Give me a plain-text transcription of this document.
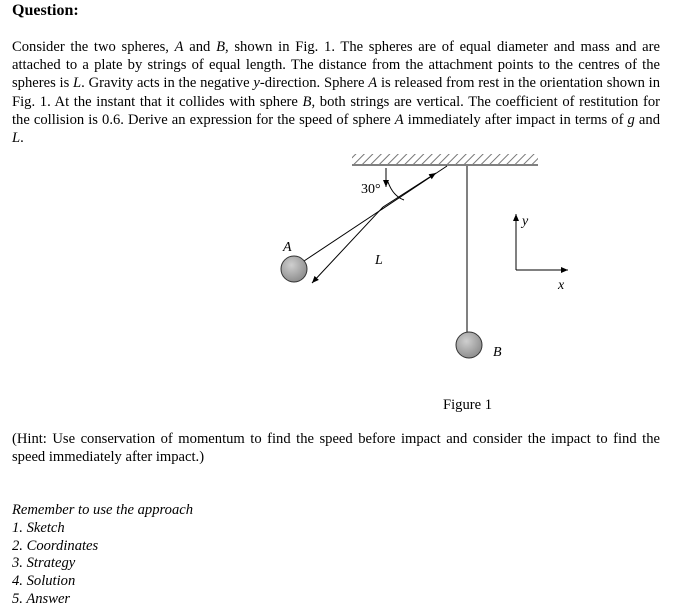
Question:

Consider the two spheres, A and B, shown in Fig. 1. The spheres are of equal diameter and mass and are attached to a plate by strings of equal length. The distance from the attachment points to the centres of the spheres is L. Gravity acts in the negative y-direction. Sphere A is released from rest in the orientation shown in Fig. 1. At the instant that it collides with sphere B, both strings are vertical. The coefficient of restitution for the collision is 0.6. Derive an expression for the speed of sphere A immediately after impact in terms of g and L.

30°
L
A
B
y
x
Figure 1

(Hint: Use conservation of momentum to find the speed before impact and consider the impact to find the speed immediately after impact.)

Remember to use the approach
1. Sketch
2. Coordinates
3. Strategy
4. Solution
5. Answer
